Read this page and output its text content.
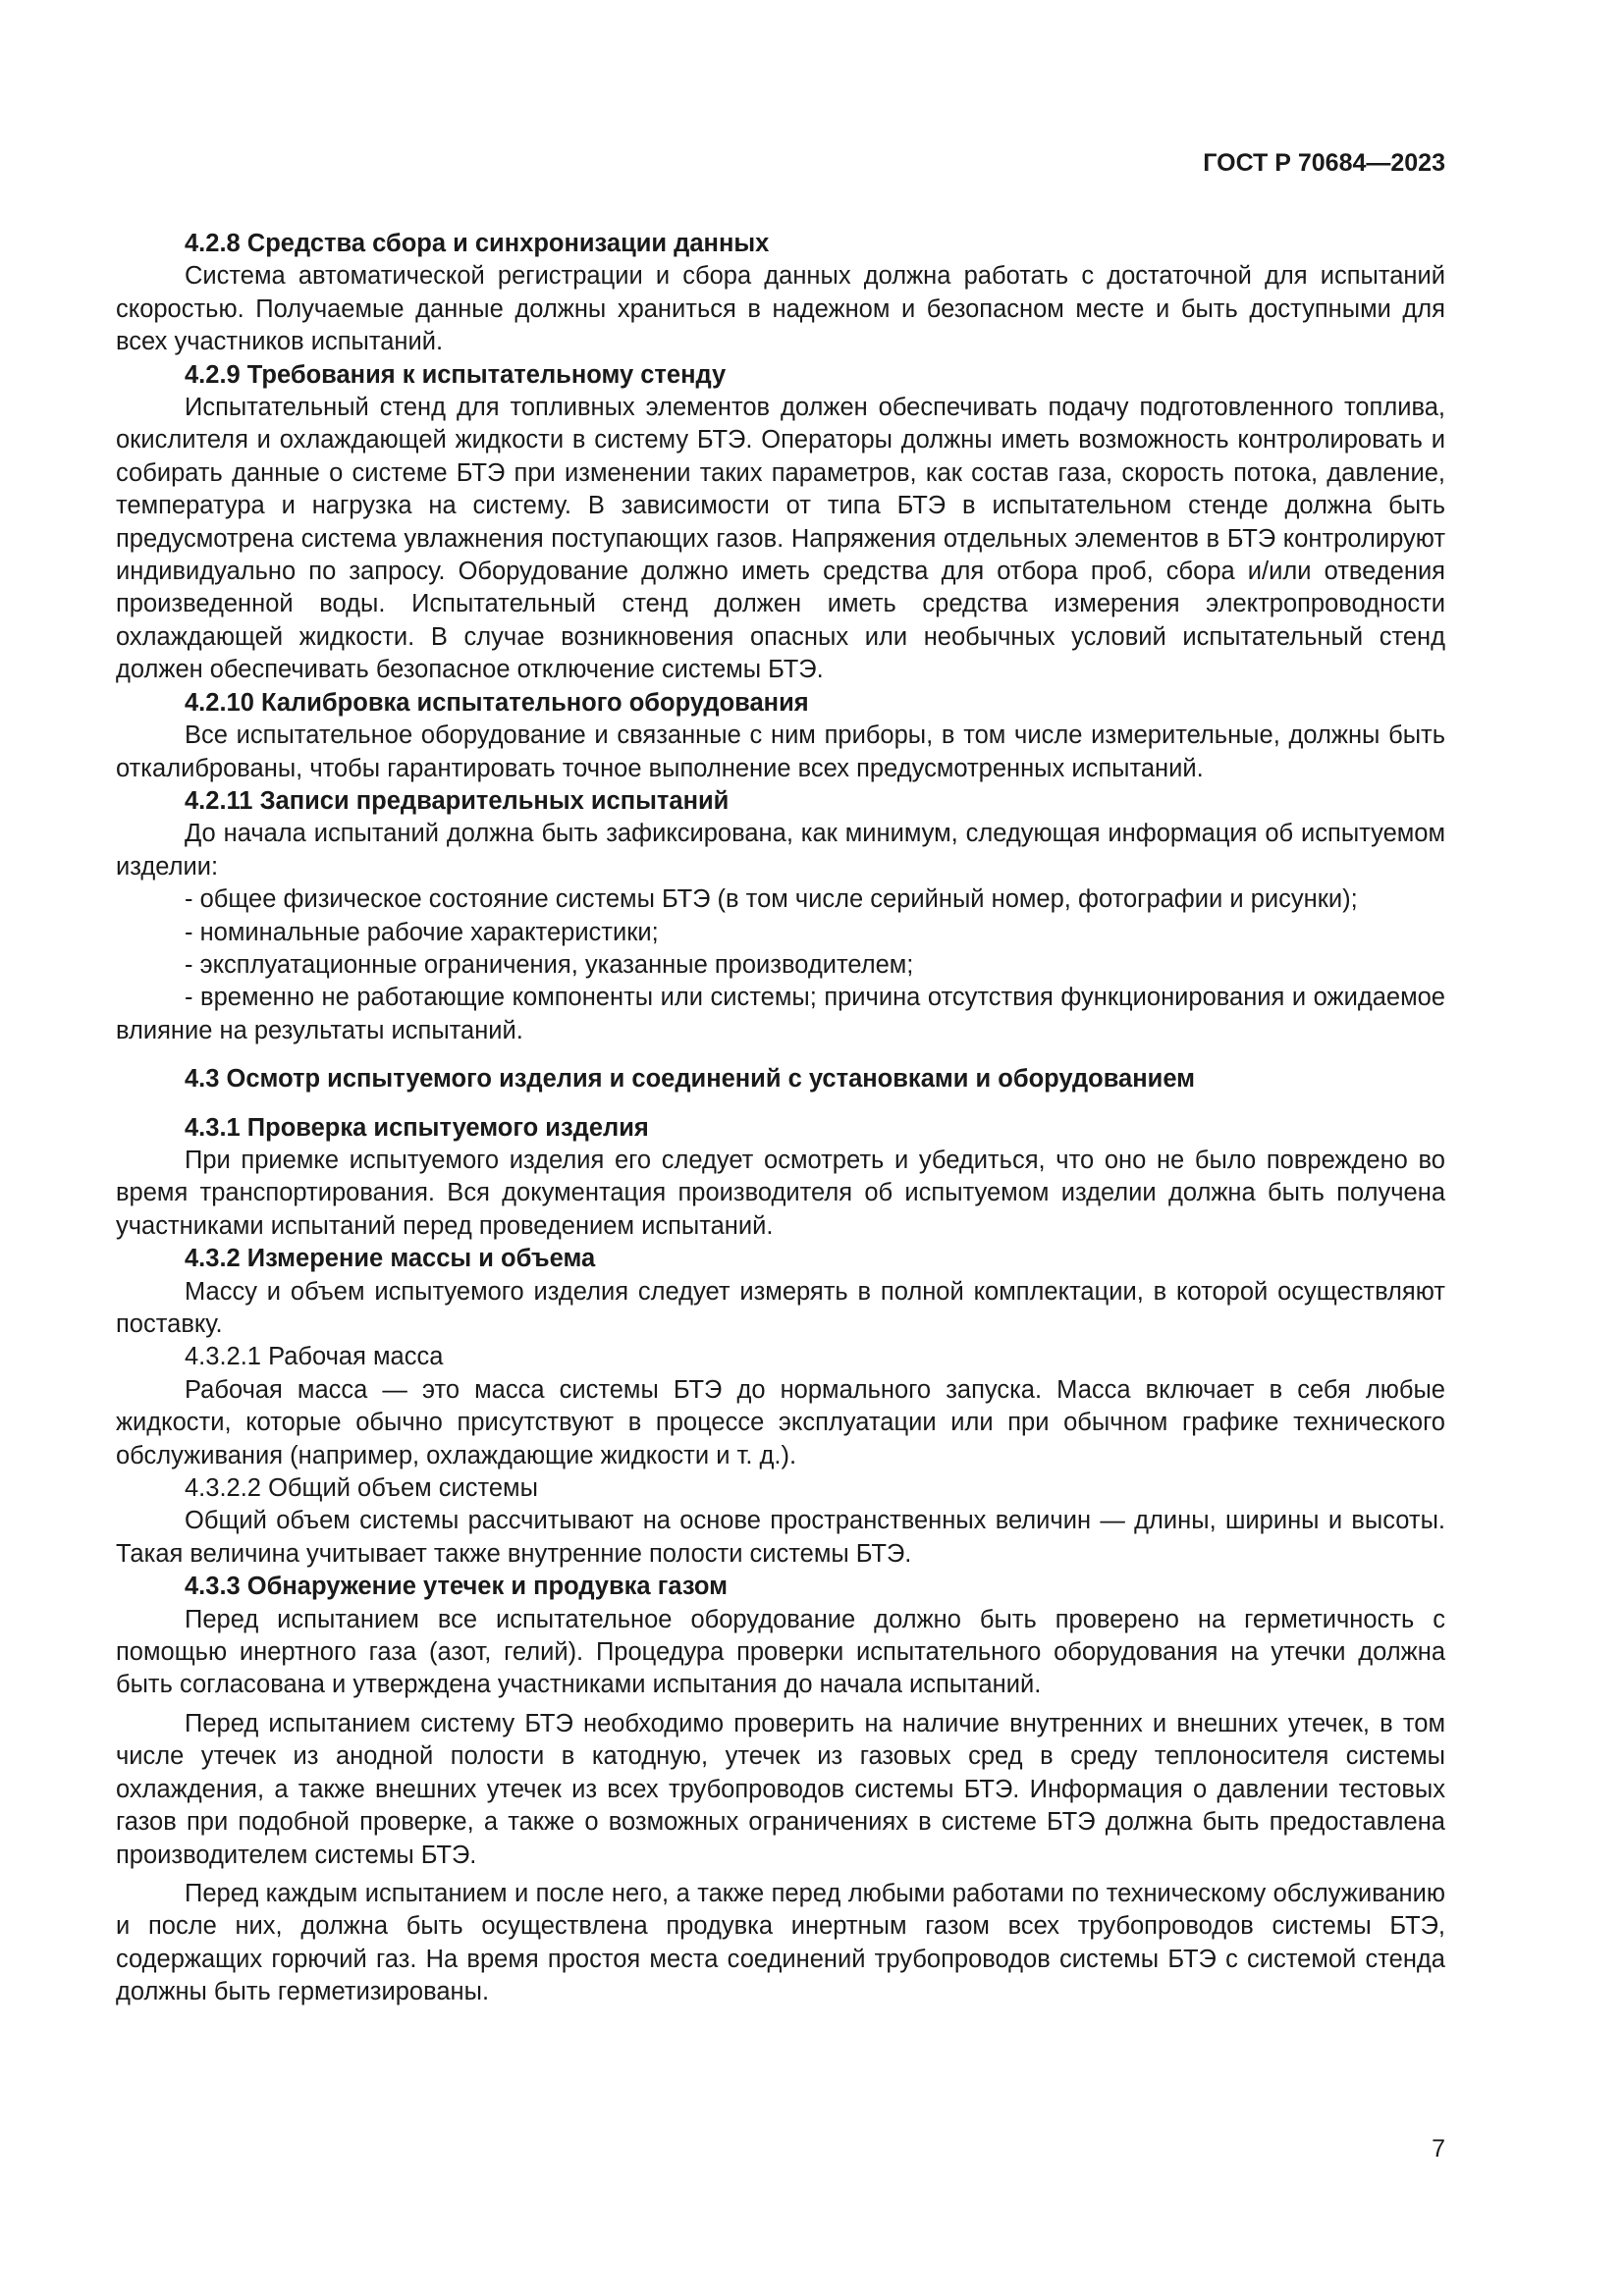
ГОСТ Р 70684—2023

4.2.8 Средства сбора и синхронизации данных

Система автоматической регистрации и сбора данных должна работать с достаточной для испытаний скоростью. Получаемые данные должны храниться в надежном и безопасном месте и быть доступными для всех участников испытаний.

4.2.9 Требования к испытательному стенду

Испытательный стенд для топливных элементов должен обеспечивать подачу подготовленного топлива, окислителя и охлаждающей жидкости в систему БТЭ. Операторы должны иметь возможность контролировать и собирать данные о системе БТЭ при изменении таких параметров, как состав газа, скорость потока, давление, температура и нагрузка на систему. В зависимости от типа БТЭ в испытательном стенде должна быть предусмотрена система увлажнения поступающих газов. Напряжения отдельных элементов в БТЭ контролируют индивидуально по запросу. Оборудование должно иметь средства для отбора проб, сбора и/или отведения произведенной воды. Испытательный стенд должен иметь средства измерения электропроводности охлаждающей жидкости. В случае возникновения опасных или необычных условий испытательный стенд должен обеспечивать безопасное отключение системы БТЭ.

4.2.10 Калибровка испытательного оборудования

Все испытательное оборудование и связанные с ним приборы, в том числе измерительные, должны быть откалиброваны, чтобы гарантировать точное выполнение всех предусмотренных испытаний.

4.2.11 Записи предварительных испытаний

До начала испытаний должна быть зафиксирована, как минимум, следующая информация об испытуемом изделии:

- общее физическое состояние системы БТЭ (в том числе серийный номер, фотографии и рисунки);

- номинальные рабочие характеристики;

- эксплуатационные ограничения, указанные производителем;

- временно не работающие компоненты или системы; причина отсутствия функционирования и ожидаемое влияние на результаты испытаний.

4.3 Осмотр испытуемого изделия и соединений с установками и оборудованием

4.3.1 Проверка испытуемого изделия

При приемке испытуемого изделия его следует осмотреть и убедиться, что оно не было повреждено во время транспортирования. Вся документация производителя об испытуемом изделии должна быть получена участниками испытаний перед проведением испытаний.

4.3.2 Измерение массы и объема

Массу и объем испытуемого изделия следует измерять в полной комплектации, в которой осуществляют поставку.

4.3.2.1 Рабочая масса

Рабочая масса — это масса системы БТЭ до нормального запуска. Масса включает в себя любые жидкости, которые обычно присутствуют в процессе эксплуатации или при обычном графике технического обслуживания (например, охлаждающие жидкости и т. д.).

4.3.2.2 Общий объем системы

Общий объем системы рассчитывают на основе пространственных величин — длины, ширины и высоты. Такая величина учитывает также внутренние полости системы БТЭ.

4.3.3 Обнаружение утечек и продувка газом

Перед испытанием все испытательное оборудование должно быть проверено на герметичность с помощью инертного газа (азот, гелий). Процедура проверки испытательного оборудования на утечки должна быть согласована и утверждена участниками испытания до начала испытаний.

Перед испытанием систему БТЭ необходимо проверить на наличие внутренних и внешних утечек, в том числе утечек из анодной полости в катодную, утечек из газовых сред в среду теплоносителя системы охлаждения, а также внешних утечек из всех трубопроводов системы БТЭ. Информация о давлении тестовых газов при подобной проверке, а также о возможных ограничениях в системе БТЭ должна быть предоставлена производителем системы БТЭ.

Перед каждым испытанием и после него, а также перед любыми работами по техническому обслуживанию и после них, должна быть осуществлена продувка инертным газом всех трубопроводов системы БТЭ, содержащих горючий газ. На время простоя места соединений трубопроводов системы БТЭ с системой стенда должны быть герметизированы.

7
